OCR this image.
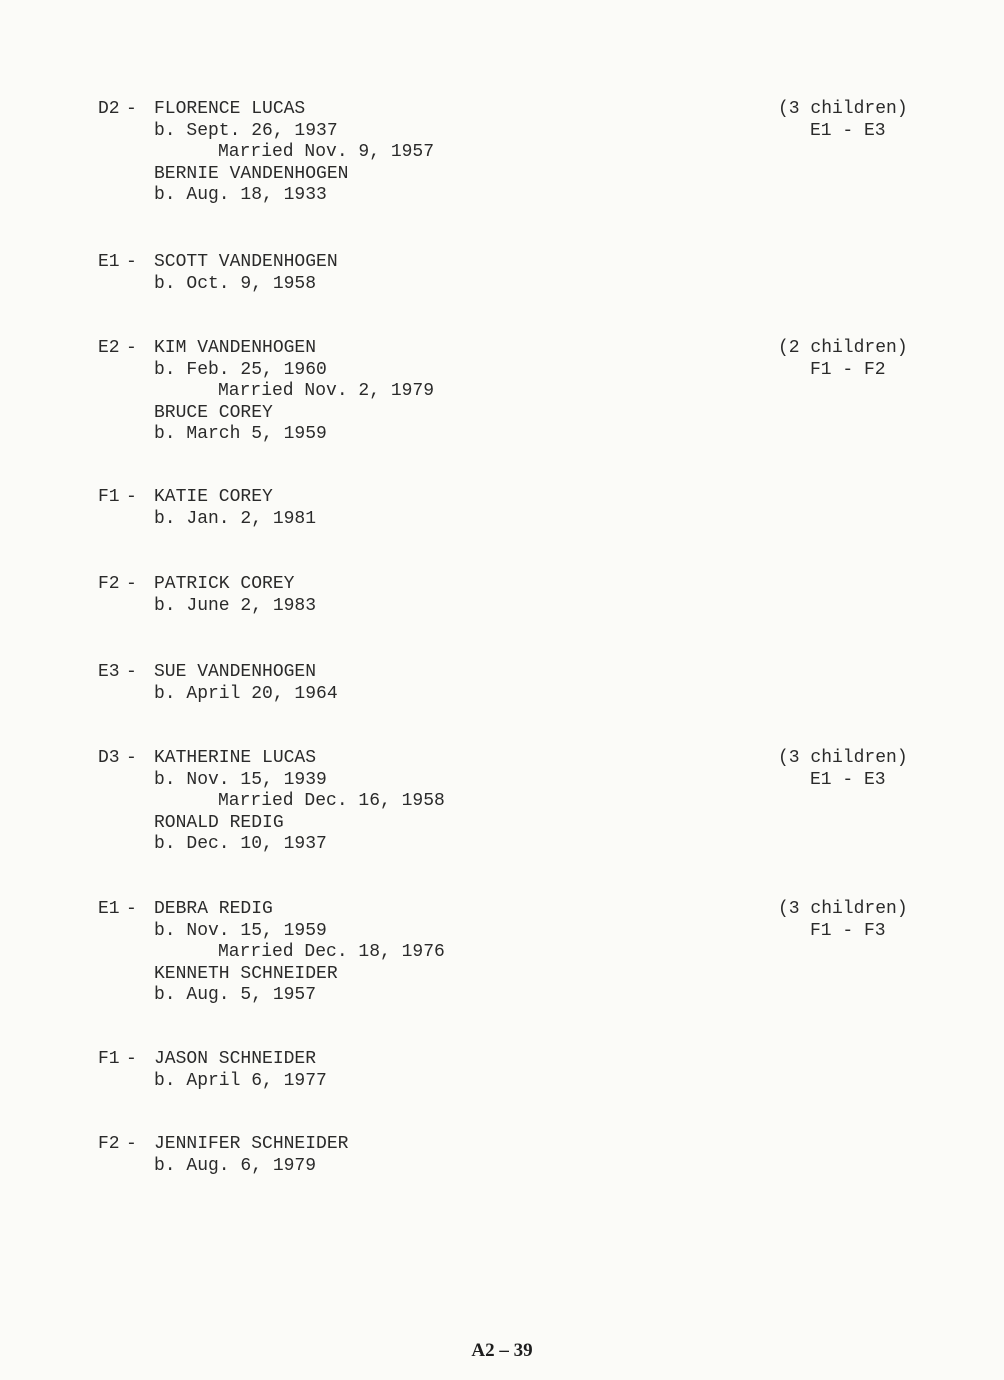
D2 - FLORENCE LUCAS
b. Sept. 26, 1937
Married Nov. 9, 1957
BERNIE VANDENHOGEN
b. Aug. 18, 1933
(3 children)
E1 - E3
E1 - SCOTT VANDENHOGEN
b. Oct. 9, 1958
E2 - KIM VANDENHOGEN
b. Feb. 25, 1960
Married Nov. 2, 1979
BRUCE COREY
b. March 5, 1959
(2 children)
F1 - F2
F1 - KATIE COREY
b. Jan. 2, 1981
F2 - PATRICK COREY
b. June 2, 1983
E3 - SUE VANDENHOGEN
b. April 20, 1964
D3 - KATHERINE LUCAS
b. Nov. 15, 1939
Married Dec. 16, 1958
RONALD REDIG
b. Dec. 10, 1937
(3 children)
E1 - E3
E1 - DEBRA REDIG
b. Nov. 15, 1959
Married Dec. 18, 1976
KENNETH SCHNEIDER
b. Aug. 5, 1957
(3 children)
F1 - F3
F1 - JASON SCHNEIDER
b. April 6, 1977
F2 - JENNIFER SCHNEIDER
b. Aug. 6, 1979
A2 – 39
